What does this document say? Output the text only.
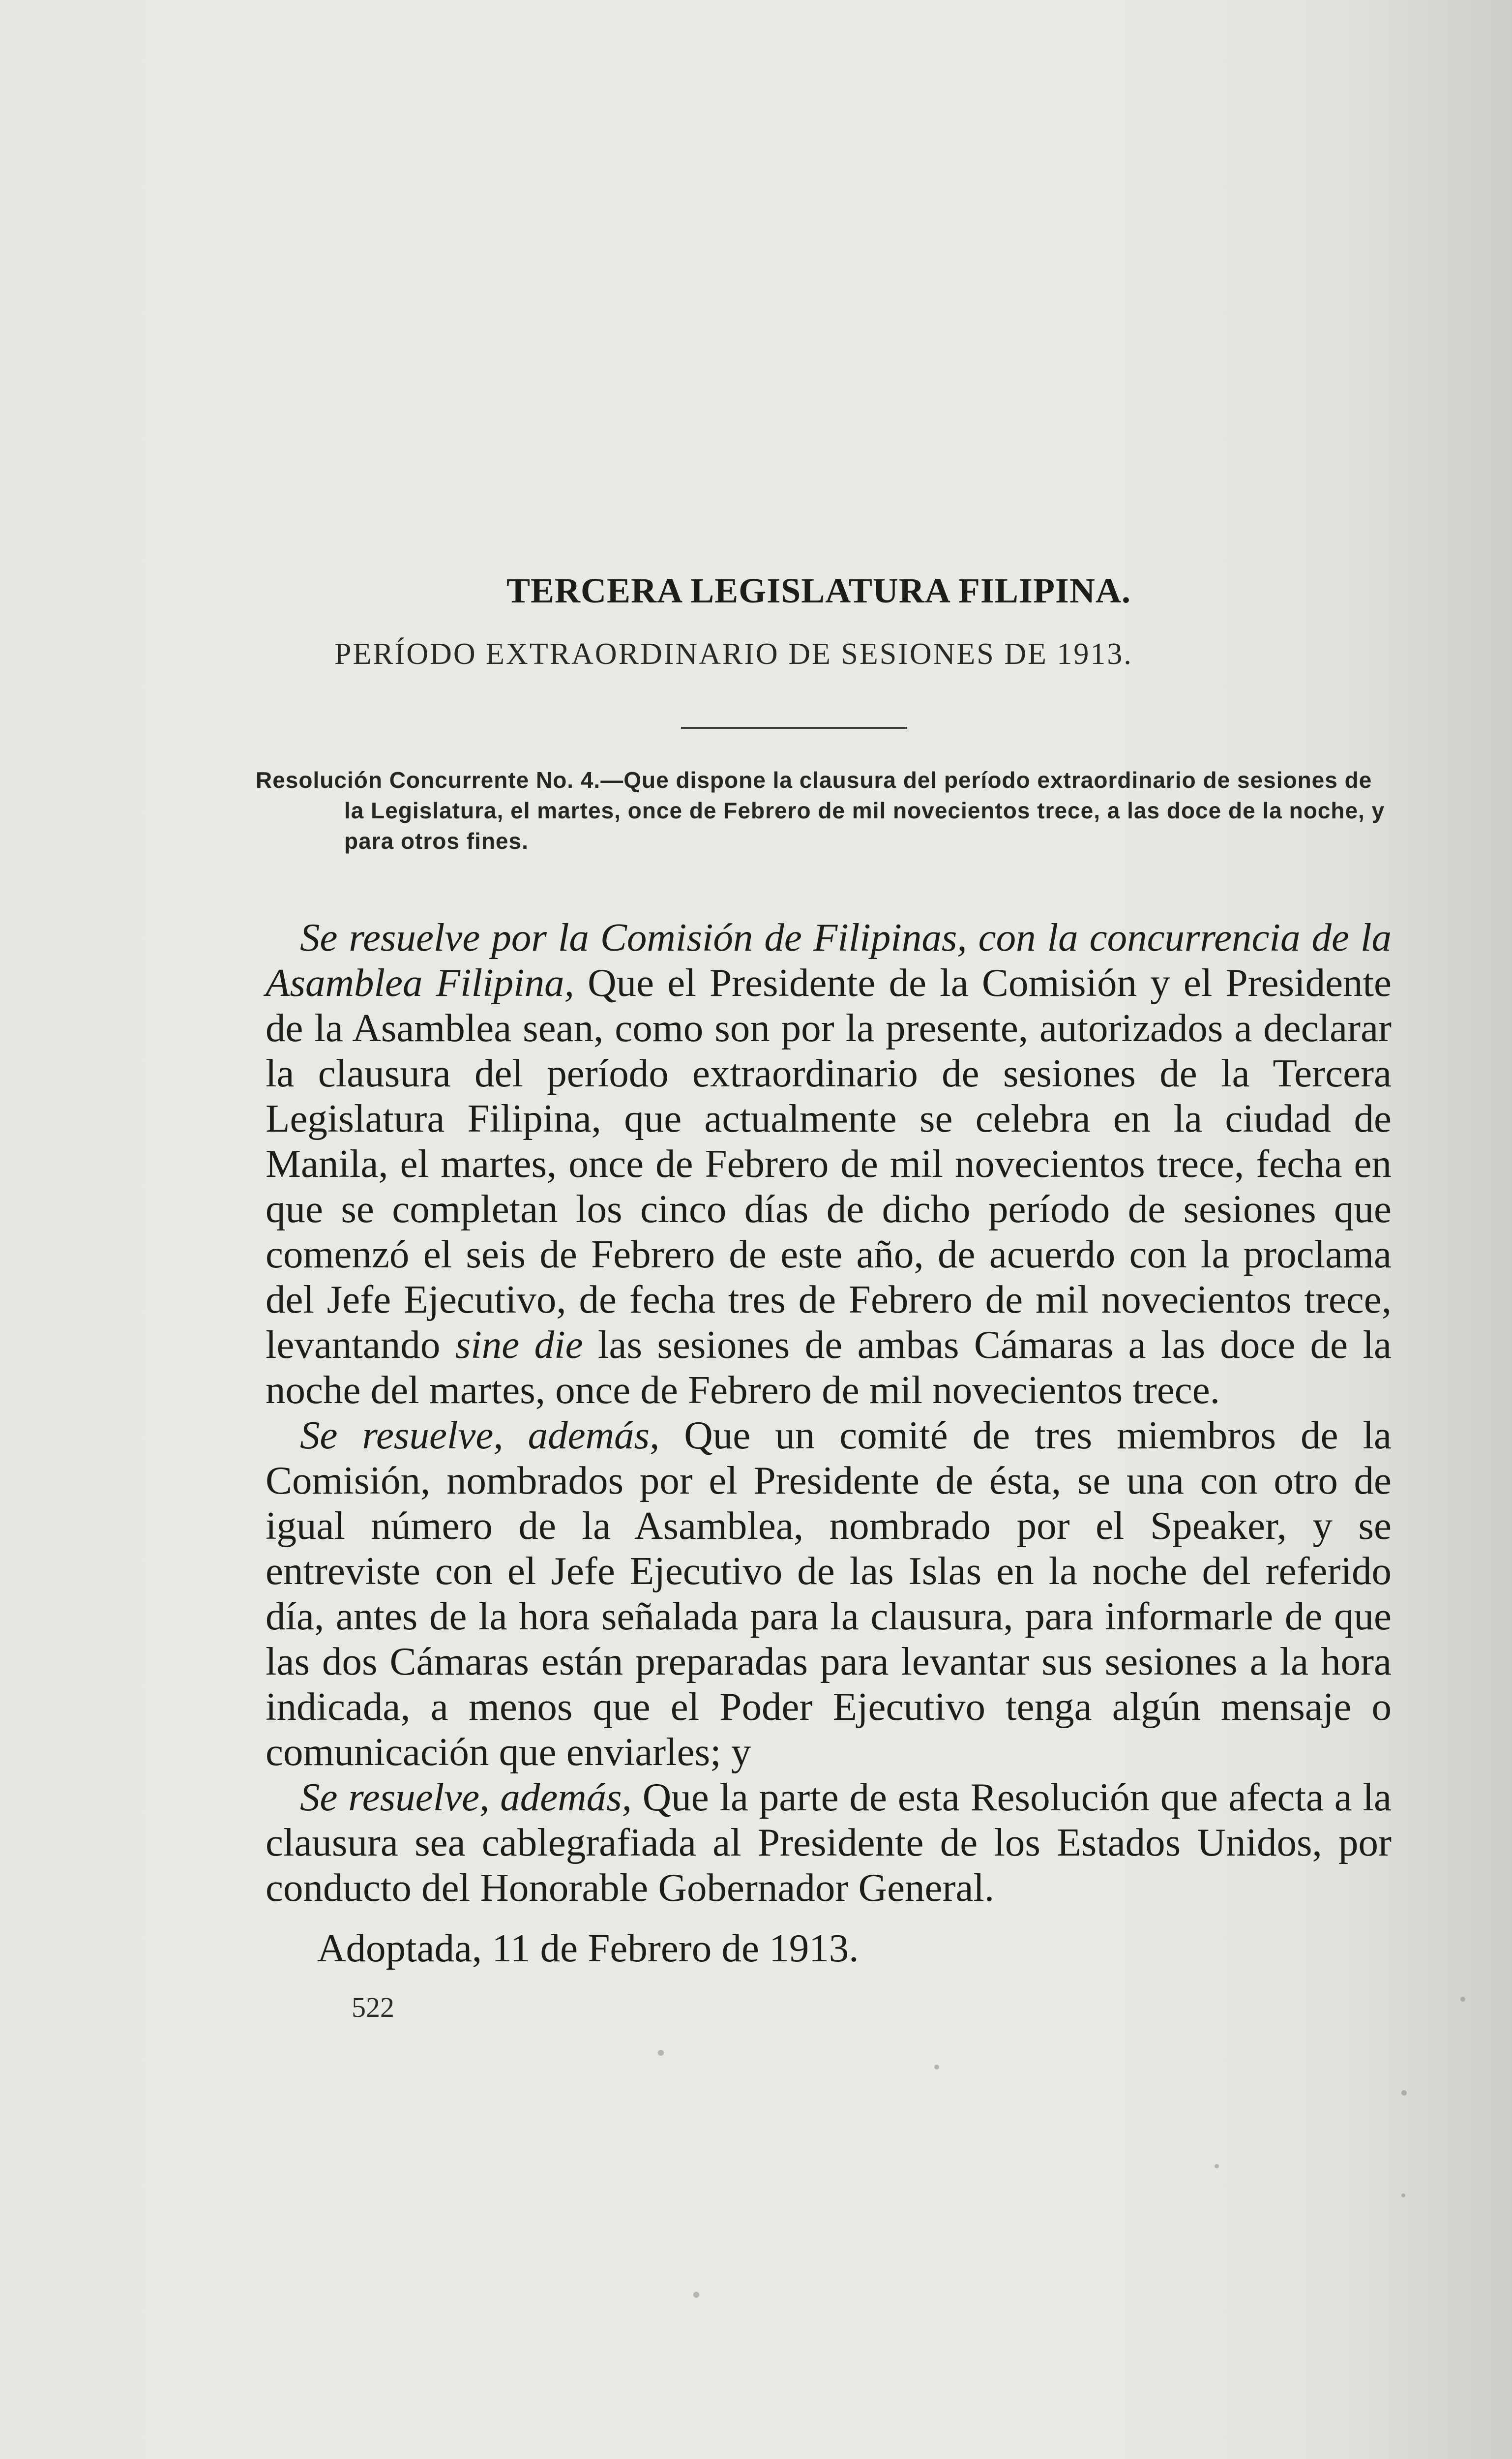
TERCERA LEGISLATURA FILIPINA.
PERÍODO EXTRAORDINARIO DE SESIONES DE 1913.
Resolución Concurrente No. 4.—Que dispone la clausura del período extraordinario de sesiones de la Legislatura, el martes, once de Febrero de mil novecientos trece, a las doce de la noche, y para otros fines.

Se resuelve por la Comisión de Filipinas, con la concurrencia de la Asamblea Filipina, Que el Presidente de la Comisión y el Presidente de la Asamblea sean, como son por la presente, autorizados a declarar la clausura del período extraordinario de sesiones de la Tercera Legislatura Filipina, que actualmente se celebra en la ciudad de Manila, el martes, once de Febrero de mil novecientos trece, fecha en que se completan los cinco días de dicho período de sesiones que comenzó el seis de Febrero de este año, de acuerdo con la proclama del Jefe Ejecutivo, de fecha tres de Febrero de mil novecientos trece, levantando sine die las sesiones de ambas Cámaras a las doce de la noche del martes, once de Febrero de mil novecientos trece.

Se resuelve, además, Que un comité de tres miembros de la Comisión, nombrados por el Presidente de ésta, se una con otro de igual número de la Asamblea, nombrado por el Speaker, y se entreviste con el Jefe Ejecutivo de las Islas en la noche del referido día, antes de la hora señalada para la clausura, para informarle de que las dos Cámaras están preparadas para levantar sus sesiones a la hora indicada, a menos que el Poder Ejecutivo tenga algún mensaje o comunicación que enviarles; y

Se resuelve, además, Que la parte de esta Resolución que afecta a la clausura sea cablegrafiada al Presidente de los Estados Unidos, por conducto del Honorable Gobernador General.

Adoptada, 11 de Febrero de 1913.
522
